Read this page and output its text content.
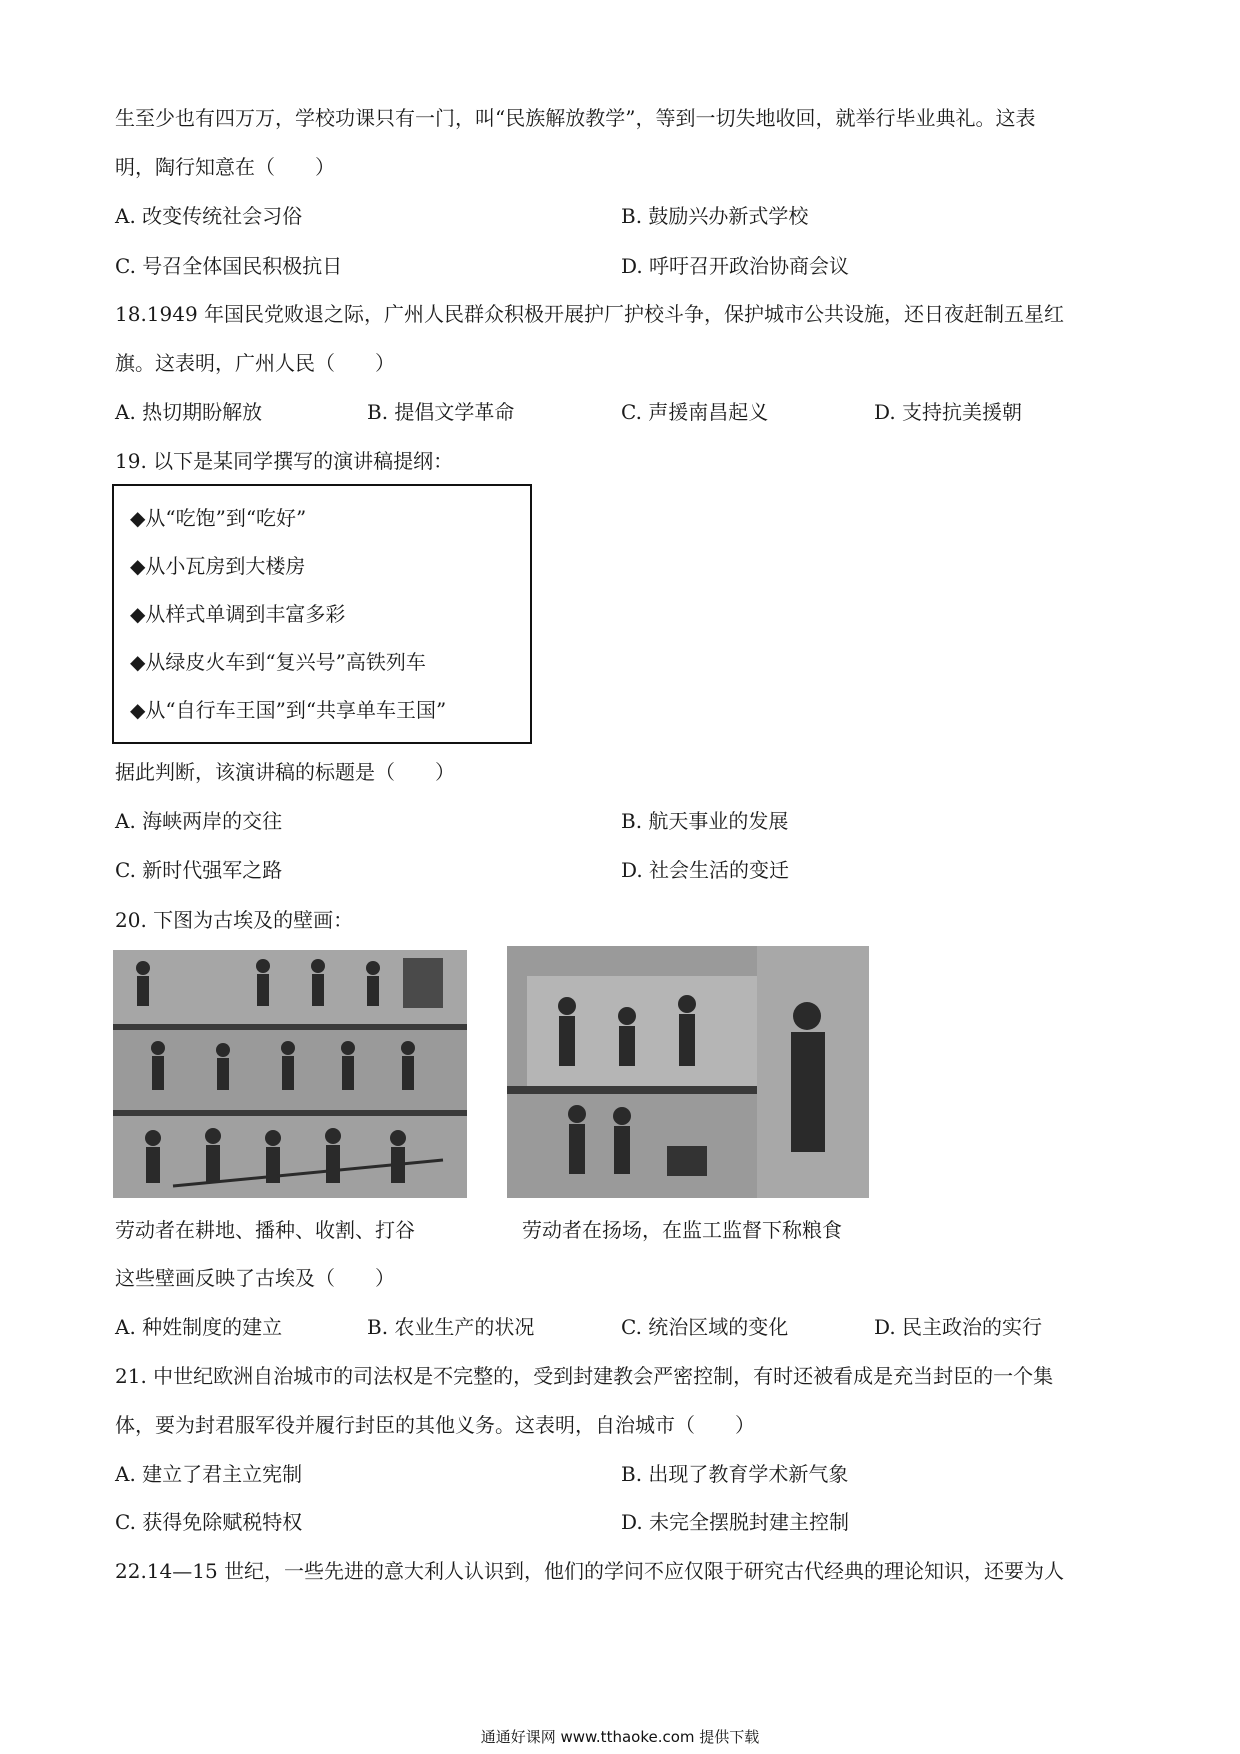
生至少也有四万万，学校功课只有一门，叫“民族解放教学”，等到一切失地收回，就举行毕业典礼。这表
明，陶行知意在（　　）
A. 改变传统社会习俗	B. 鼓励兴办新式学校
C. 号召全体国民积极抗日	D. 呼吁召开政治协商会议
18.1949 年国民党败退之际，广州人民群众积极开展护厂护校斗争，保护城市公共设施，还日夜赶制五星红
旗。这表明，广州人民（　　）
A. 热切期盼解放	B. 提倡文学革命	C. 声援南昌起义	D. 支持抗美援朝
19. 以下是某同学撰写的演讲稿提纲：
◆从“吃饱”到“吃好”
◆从小瓦房到大楼房
◆从样式单调到丰富多彩
◆从绿皮火车到“复兴号”高铁列车
◆从“自行车王国”到“共享单车王国”
据此判断，该演讲稿的标题是（　　）
A. 海峡两岸的交往	B. 航天事业的发展
C. 新时代强军之路	D. 社会生活的变迁
20. 下图为古埃及的壁画：
劳动者在耕地、播种、收割、打谷	劳动者在扬场，在监工监督下称粮食
这些壁画反映了古埃及（　　）
A. 种姓制度的建立	B. 农业生产的状况	C. 统治区域的变化	D. 民主政治的实行
21. 中世纪欧洲自治城市的司法权是不完整的，受到封建教会严密控制，有时还被看成是充当封臣的一个集
体，要为封君服军役并履行封臣的其他义务。这表明，自治城市（　　）
A. 建立了君主立宪制	B. 出现了教育学术新气象
C. 获得免除赋税特权	D. 未完全摆脱封建主控制
22.14—15 世纪，一些先进的意大利人认识到，他们的学问不应仅限于研究古代经典的理论知识，还要为人
通通好课网 www.tthaoke.com 提供下载
